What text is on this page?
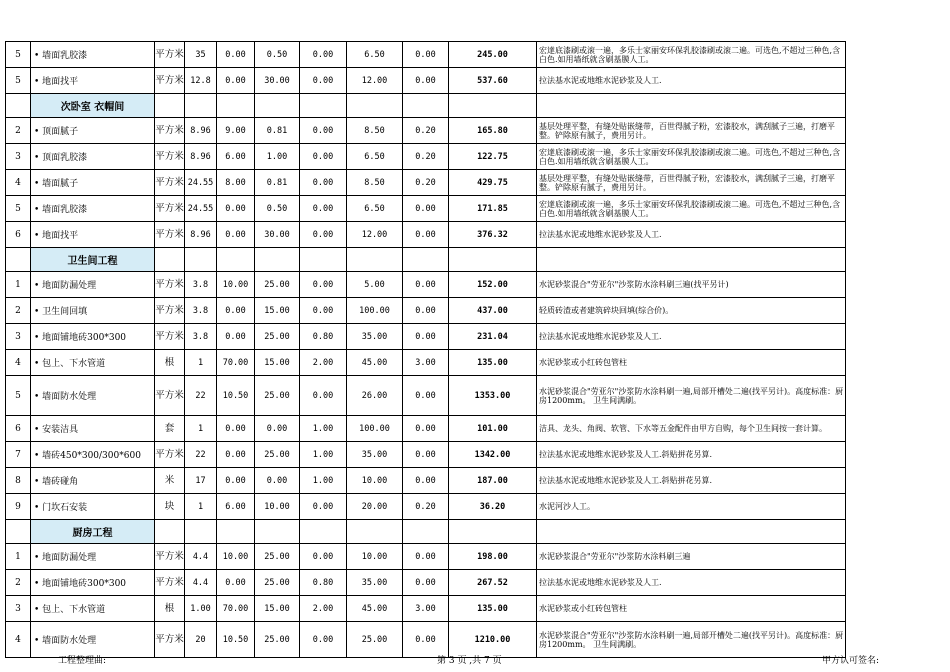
5	• 墙面乳胶漆	平方米	35	0.00	0.50	0.00	6.50	0.00	245.00	宏達底漆刷或滚一遍，多乐士家丽安环保乳胶漆刷或滚二遍。可选色,不超过三种色,含白色.如用墙纸就含刷基膜人工。
5	• 地面找平	平方米	12.8	0.00	30.00	0.00	12.00	0.00	537.60	拉法基水泥或地维水泥砂浆及人工.
	次卧室 衣帽间									
2	• 顶面腻子	平方米	8.96	9.00	0.81	0.00	8.50	0.20	165.80	基层处理平整，有缝处贴嵌缝带，百世得腻子粉，宏漆胶水，满刮腻子三遍，打磨平整。铲除原有腻子，费用另计。
3	• 顶面乳胶漆	平方米	8.96	6.00	1.00	0.00	6.50	0.20	122.75	宏達底漆刷或滚一遍，多乐士家丽安环保乳胶漆刷或滚二遍。可选色,不超过三种色,含白色.如用墙纸就含刷基膜人工。
4	• 墙面腻子	平方米	24.55	8.00	0.81	0.00	8.50	0.20	429.75	基层处理平整，有缝处贴嵌缝带，百世得腻子粉，宏漆胶水，满刮腻子三遍，打磨平整。铲除原有腻子，费用另计。
5	• 墙面乳胶漆	平方米	24.55	0.00	0.50	0.00	6.50	0.00	171.85	宏達底漆刷或滚一遍，多乐士家丽安环保乳胶漆刷或滚二遍。可选色,不超过三种色,含白色.如用墙纸就含刷基膜人工。
6	• 地面找平	平方米	8.96	0.00	30.00	0.00	12.00	0.00	376.32	拉法基水泥或地维水泥砂浆及人工.
	卫生间工程									
1	• 地面防漏处理	平方米	3.8	10.00	25.00	0.00	5.00	0.00	152.00	水泥砂浆混合"劳亚尔"沙浆防水涂料刷三遍(找平另计)
2	• 卫生间回填	平方米	3.8	0.00	15.00	0.00	100.00	0.00	437.00	轻质砖渣或者建筑碎块回填(综合价)。
3	• 地面铺地砖300*300	平方米	3.8	0.00	25.00	0.80	35.00	0.00	231.04	拉法基水泥或地维水泥砂浆及人工.
4	• 包上、下水管道	根	1	70.00	15.00	2.00	45.00	3.00	135.00	水泥砂浆或小红砖包管柱
5	• 墙面防水处理	平方米	22	10.50	25.00	0.00	26.00	0.00	1353.00	水泥砂浆混合"劳亚尔"沙浆防水涂料刷一遍,局部开槽处二遍(找平另计)。高度标准：厨房1200mm。 卫生间满刷。
6	• 安装洁具	套	1	0.00	0.00	1.00	100.00	0.00	101.00	洁具、龙头、角阀、软管、下水等五金配件由甲方自购，每个卫生间按一套计算。
7	• 墙砖450*300/300*600	平方米	22	0.00	25.00	1.00	35.00	0.00	1342.00	拉法基水泥或地维水泥砂浆及人工.斜贴拼花另算.
8	• 墙砖碰角	米	17	0.00	0.00	1.00	10.00	0.00	187.00	拉法基水泥或地维水泥砂浆及人工.斜贴拼花另算.
9	• 门坎石安装	块	1	6.00	10.00	0.00	20.00	0.20	36.20	水泥河沙人工。
	厨房工程									
1	• 地面防漏处理	平方米	4.4	10.00	25.00	0.00	10.00	0.00	198.00	水泥砂浆混合"劳亚尔"沙浆防水涂料刷三遍
2	• 地面铺地砖300*300	平方米	4.4	0.00	25.00	0.80	35.00	0.00	267.52	拉法基水泥或地维水泥砂浆及人工.
3	• 包上、下水管道	根	1.00	70.00	15.00	2.00	45.00	3.00	135.00	水泥砂浆或小红砖包管柱
4	• 墙面防水处理	平方米	20	10.50	25.00	0.00	25.00	0.00	1210.00	水泥砂浆混合"劳亚尔"沙浆防水涂料刷一遍,局部开槽处二遍(找平另计)。高度标准：厨房1200mm。 卫生间满刷。
工程整理曲:	第 3 页 ,共 7 页	甲方认可签名:
